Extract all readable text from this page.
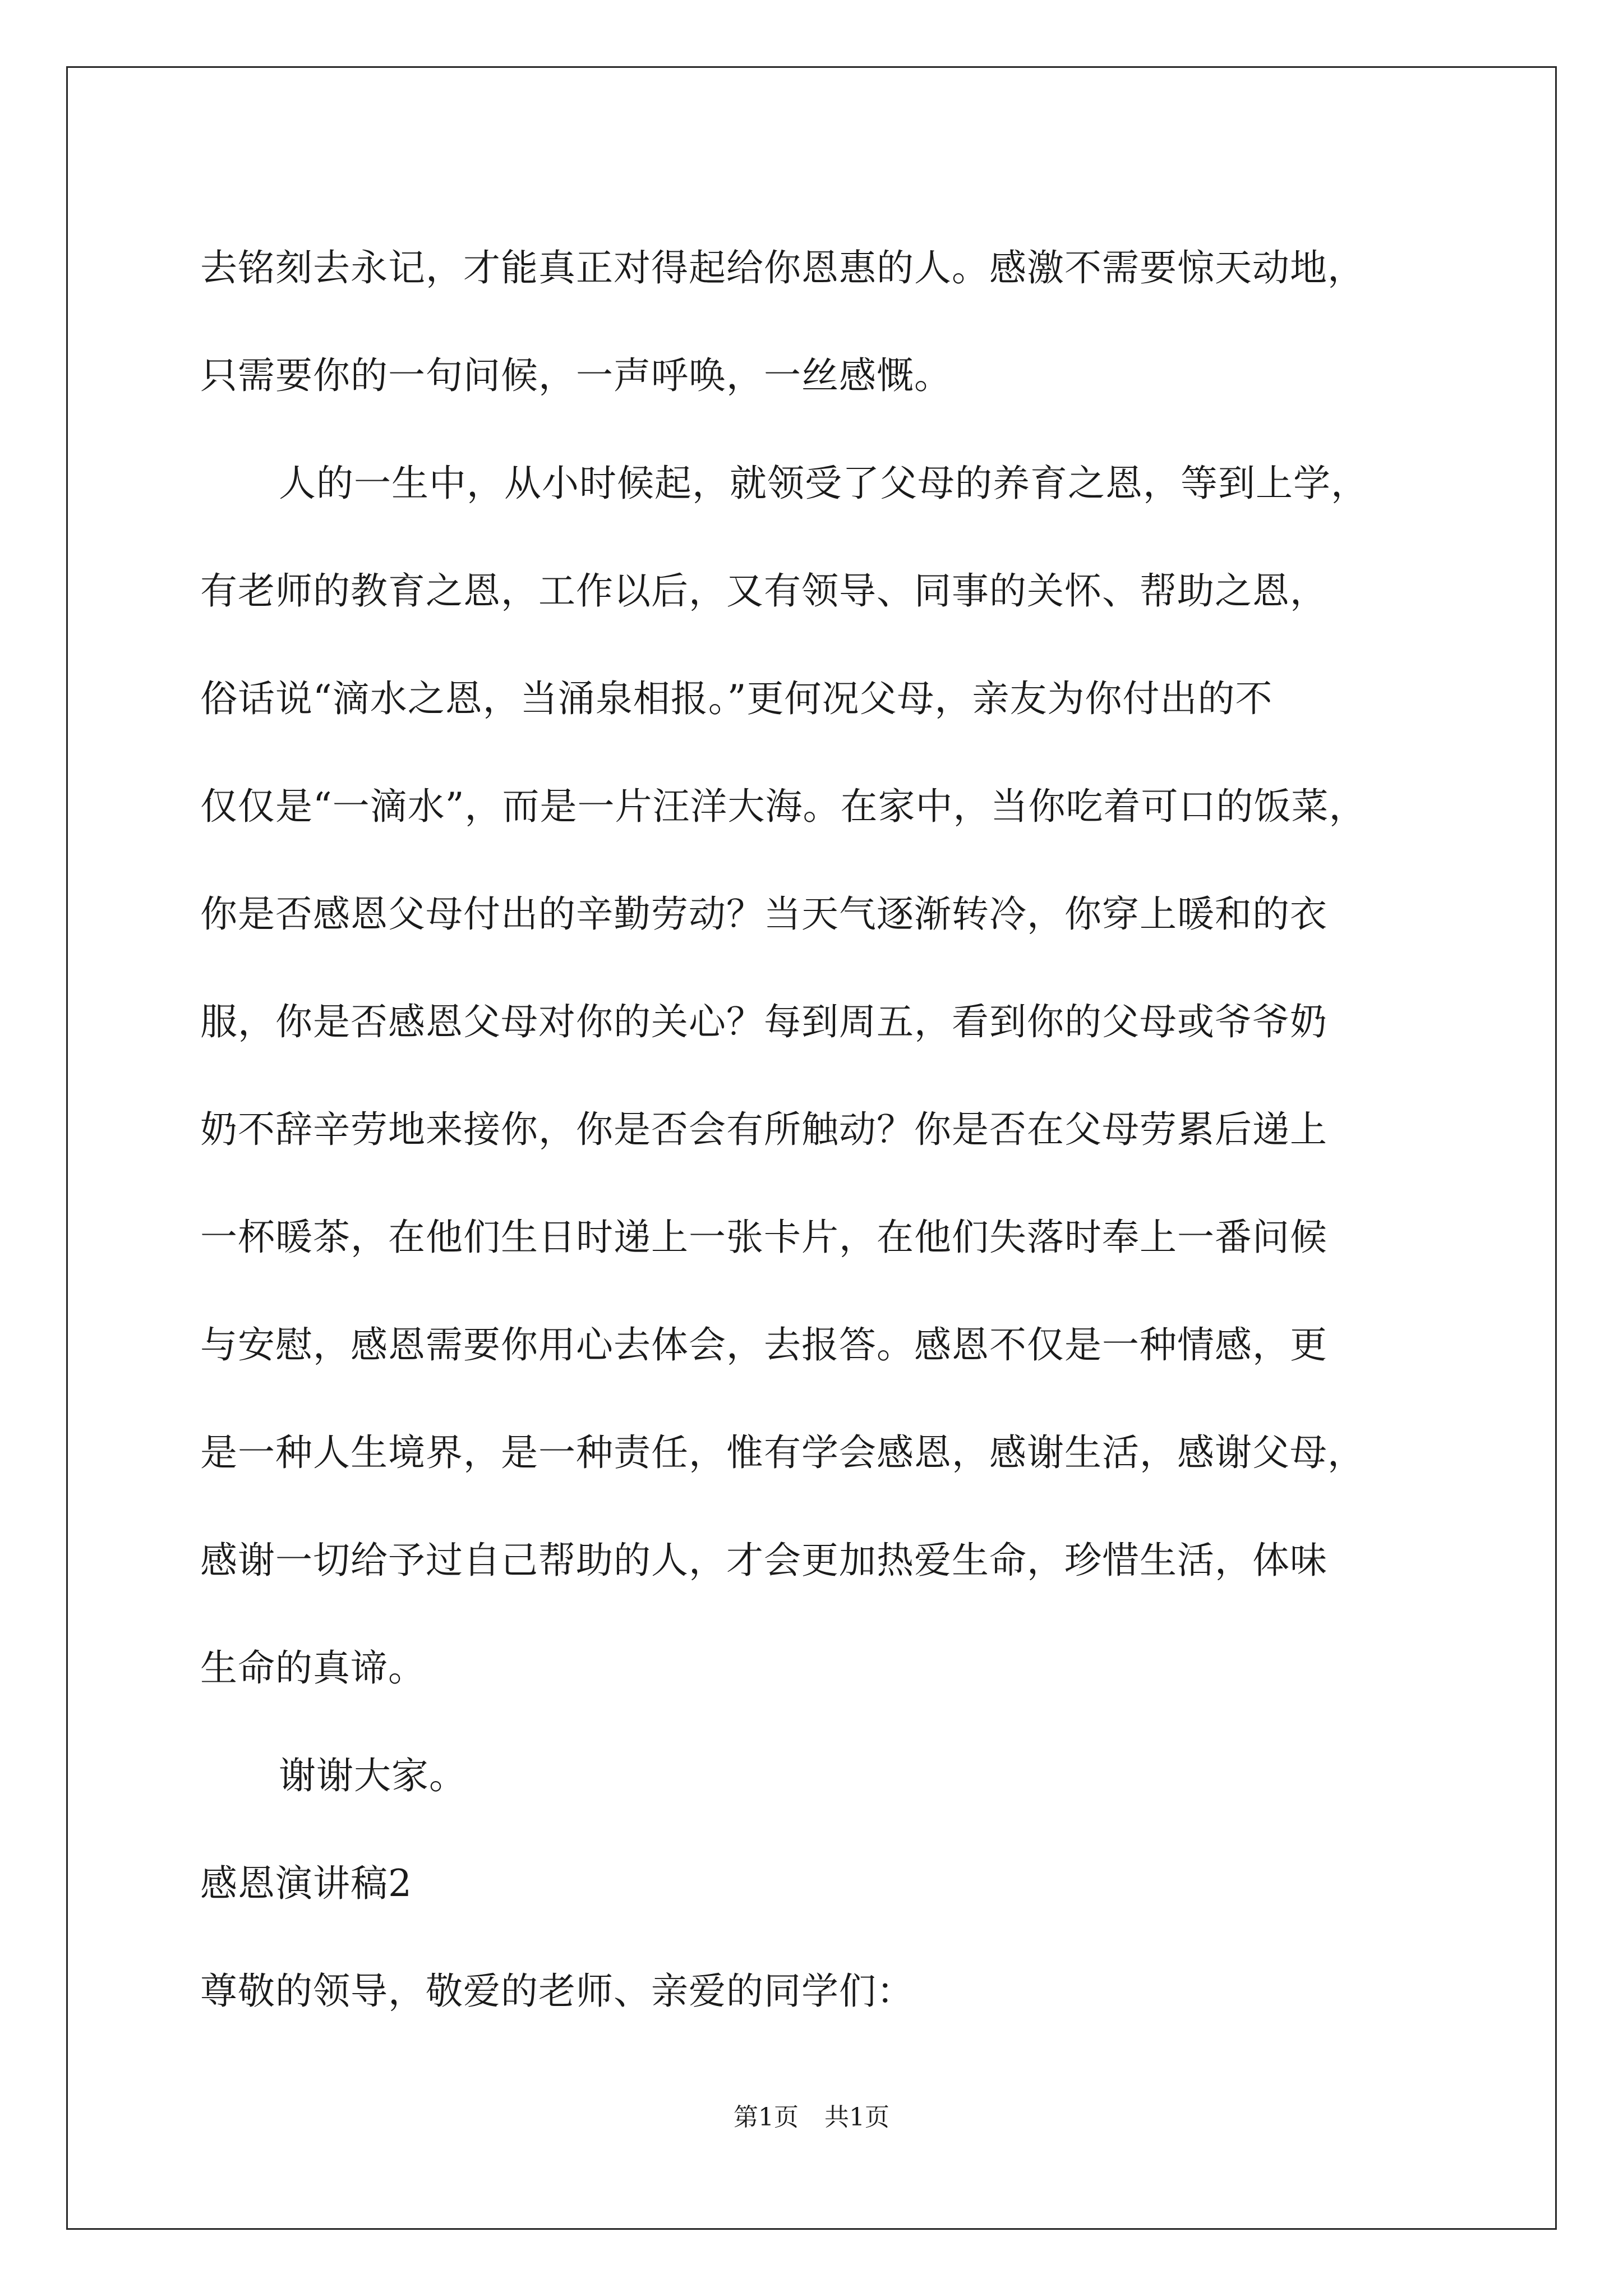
去铭刻去永记，才能真正对得起给你恩惠的人。感激不需要惊天动地，
只需要你的一句问候，一声呼唤，一丝感慨。
人的一生中，从小时候起，就领受了父母的养育之恩，等到上学，
有老师的教育之恩，工作以后，又有领导、同事的关怀、帮助之恩，
俗话说“滴水之恩，当涌泉相报。”更何况父母，亲友为你付出的不
仅仅是“一滴水”，而是一片汪洋大海。在家中，当你吃着可口的饭菜，
你是否感恩父母付出的辛勤劳动？当天气逐渐转冷，你穿上暖和的衣
服，你是否感恩父母对你的关心？每到周五，看到你的父母或爷爷奶
奶不辞辛劳地来接你，你是否会有所触动？你是否在父母劳累后递上
一杯暖茶，在他们生日时递上一张卡片，在他们失落时奉上一番问候
与安慰，感恩需要你用心去体会，去报答。感恩不仅是一种情感，更
是一种人生境界，是一种责任，惟有学会感恩，感谢生活，感谢父母，
感谢一切给予过自己帮助的人，才会更加热爱生命，珍惜生活，体味
生命的真谛。
谢谢大家。
感恩演讲稿2
尊敬的领导，敬爱的老师、亲爱的同学们：
第1页 共1页
